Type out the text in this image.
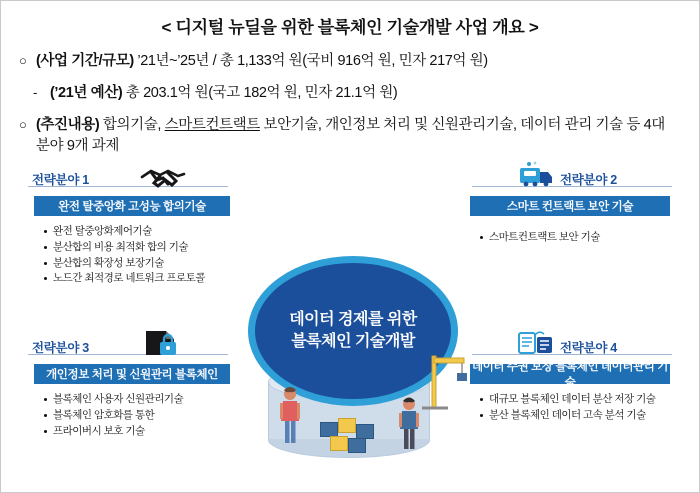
< 디지털 뉴딜을 위한 블록체인 기술개발 사업 개요 >
○ (사업 기간/규모) ’21년~’25년 / 총 1,133억 원(국비 916억 원, 민자 217억 원)
- (’21년 예산) 총 203.1억 원(국고 182억 원, 민자 21.1억 원)
○ (추진내용) 합의기술, 스마트컨트랙트 보안기술, 개인정보 처리 및 신원관리기술, 데이터 관리 기술 등 4대 분야 9개 과제
전략분야 1
완전 탈중앙화 고성능 합의기술
완전 탈중앙화제어기술
분산합의 비용 최적화 합의 기술
분산합의 확장성 보장기술
노드간 최적경로 네트워크 프로토콜
전략분야 2
스마트 컨트랙트 보안 기술
스마트컨트랙트 보안 기술
전략분야 3
개인정보 처리 및 신원관리 블록체인
블록체인 사용자 신원관리기술
블록체인 암호화를 통한
프라이버시 보호 기술
전략분야 4
데이터 주권 보장 블록체인 데이터관리 기술
대규모 블록체인 데이터 분산 저장 기술
분산 블록체인 데이터 고속 분석 기술
데이터 경제를 위한
블록체인 기술개발
